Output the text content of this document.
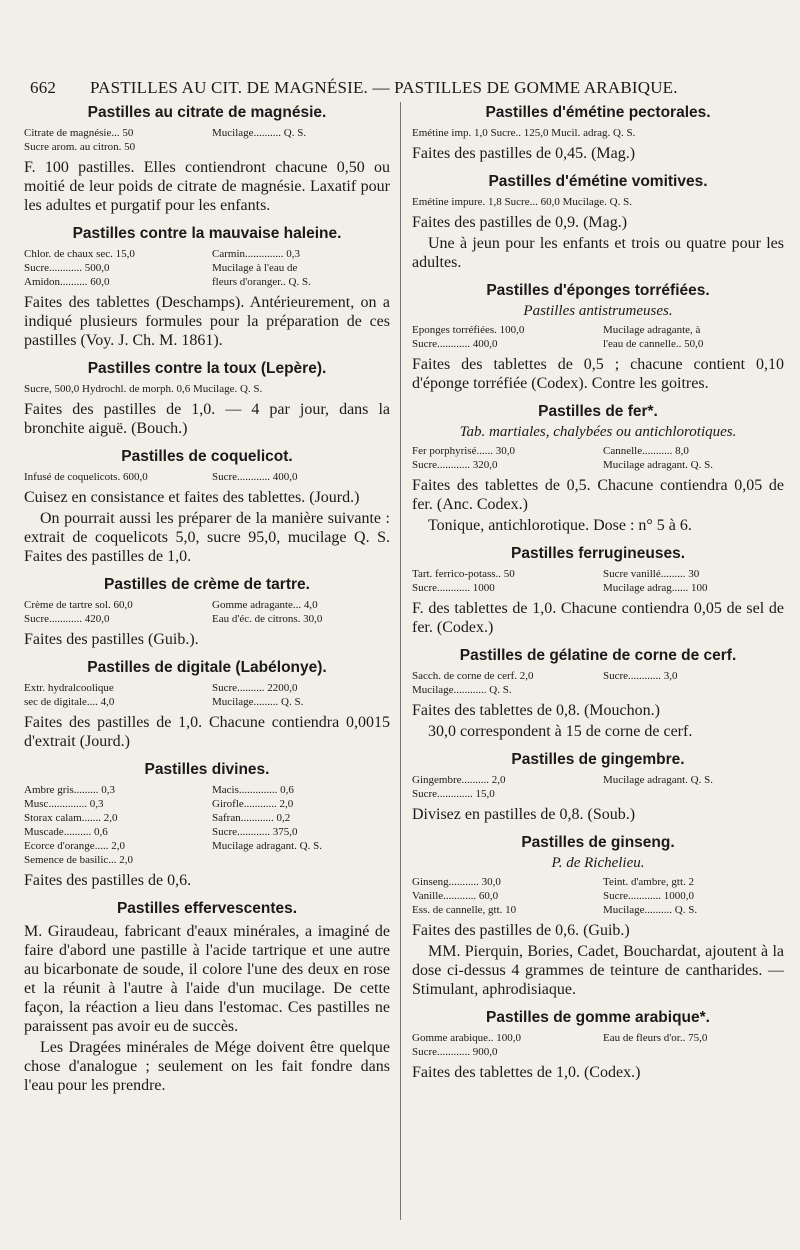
662 PASTILLES AU CIT. DE MAGNÉSIE. — PASTILLES DE GOMME ARABIQUE.
Pastilles au citrate de magnésie.
Citrate de magnésie... 50	Mucilage.......... Q. S.
Sucre arom. au citron. 50

F. 100 pastilles. Elles contiendront chacune 0,50 ou moitié de leur poids de citrate de magnésie. Laxatif pour les adultes et purgatif pour les enfants.

Pastilles contre la mauvaise haleine.
Chlor. de chaux sec. 15,0	Carmin.............. 0,3
Sucre............ 500,0	Mucilage à l'eau de
Amidon.......... 60,0	fleurs d'oranger.. Q. S.

Faites des tablettes (Deschamps). Antérieurement, on a indiqué plusieurs formules pour la préparation de ces pastilles (Voy. J. Ch. M. 1861).

Pastilles contre la toux (Lepère).
Sucre, 500,0 Hydrochl. de morph. 0,6 Mucilage. Q. S.

Faites des pastilles de 1,0. — 4 par jour, dans la bronchite aiguë. (Bouch.)

Pastilles de coquelicot.
Infusé de coquelicots. 600,0	Sucre............ 400,0

Cuisez en consistance et faites des tablettes. (Jourd.)

On pourrait aussi les préparer de la manière suivante : extrait de coquelicots 5,0, sucre 95,0, mucilage Q. S. Faites des pastilles de 1,0.

Pastilles de crème de tartre.
Crème de tartre sol. 60,0	Gomme adragante... 4,0
Sucre............ 420,0	Eau d'éc. de citrons. 30,0

Faites des pastilles (Guib.).

Pastilles de digitale (Labélonye).
Extr. hydralcoolique	Sucre.......... 2200,0
sec de digitale.... 4,0	Mucilage......... Q. S.

Faites des pastilles de 1,0. Chacune contiendra 0,0015 d'extrait (Jourd.)

Pastilles divines.
Ambre gris......... 0,3	Macis.............. 0,6
Musc.............. 0,3	Girofle............ 2,0
Storax calam....... 2,0	Safran............ 0,2
Muscade.......... 0,6	Sucre............ 375,0
Ecorce d'orange..... 2,0	Mucilage adragant. Q. S.
Semence de basilic... 2,0

Faites des pastilles de 0,6.

Pastilles effervescentes.

M. Giraudeau, fabricant d'eaux minérales, a imaginé de faire d'abord une pastille à l'acide tartrique et une autre au bicarbonate de soude, il colore l'une des deux en rose et la réunit à l'autre à l'aide d'un mucilage. De cette façon, la réaction a lieu dans l'estomac. Ces pastilles ne paraissent pas avoir eu de succès.

Les Dragées minérales de Mége doivent être quelque chose d'analogue ; seulement on les fait fondre dans l'eau pour les prendre.

Pastilles d'émétine pectorales.
Emétine imp. 1,0 Sucre.. 125,0 Mucil. adrag. Q. S.

Faites des pastilles de 0,45. (Mag.)

Pastilles d'émétine vomitives.
Emétine impure. 1,8 Sucre... 60,0 Mucilage. Q. S.

Faites des pastilles de 0,9. (Mag.)

Une à jeun pour les enfants et trois ou quatre pour les adultes.

Pastilles d'éponges torréfiées.
Pastilles antistrumeuses.
Eponges torréfiées. 100,0	Mucilage adragante, à
Sucre............ 400,0	l'eau de cannelle.. 50,0

Faites des tablettes de 0,5 ; chacune contient 0,10 d'éponge torréfiée (Codex). Contre les goitres.

Pastilles de fer*.
Tab. martiales, chalybées ou antichlorotiques.
Fer porphyrisé...... 30,0	Cannelle........... 8,0
Sucre............ 320,0	Mucilage adragant. Q. S.

Faites des tablettes de 0,5. Chacune contiendra 0,05 de fer. (Anc. Codex.)

Tonique, antichlorotique. Dose : n° 5 à 6.

Pastilles ferrugineuses.
Tart. ferrico-potass.. 50	Sucre vanillé......... 30
Sucre............ 1000	Mucilage adrag...... 100

F. des tablettes de 1,0. Chacune contiendra 0,05 de sel de fer. (Codex.)

Pastilles de gélatine de corne de cerf.
Sacch. de corne de cerf. 2,0	Sucre............ 3,0
Mucilage............ Q. S.

Faites des tablettes de 0,8. (Mouchon.)

30,0 correspondent à 15 de corne de cerf.

Pastilles de gingembre.
Gingembre.......... 2,0	Mucilage adragant. Q. S.
Sucre............. 15,0

Divisez en pastilles de 0,8. (Soub.)

Pastilles de ginseng.
P. de Richelieu.
Ginseng........... 30,0	Teint. d'ambre, gtt. 2
Vanille............ 60,0	Sucre............ 1000,0
Ess. de cannelle, gtt. 10	Mucilage.......... Q. S.

Faites des pastilles de 0,6. (Guib.)

MM. Pierquin, Bories, Cadet, Bouchardat, ajoutent à la dose ci-dessus 4 grammes de teinture de cantharides. — Stimulant, aphrodisiaque.

Pastilles de gomme arabique*.
Gomme arabique.. 100,0	Eau de fleurs d'or.. 75,0
Sucre............ 900,0

Faites des tablettes de 1,0. (Codex.)
